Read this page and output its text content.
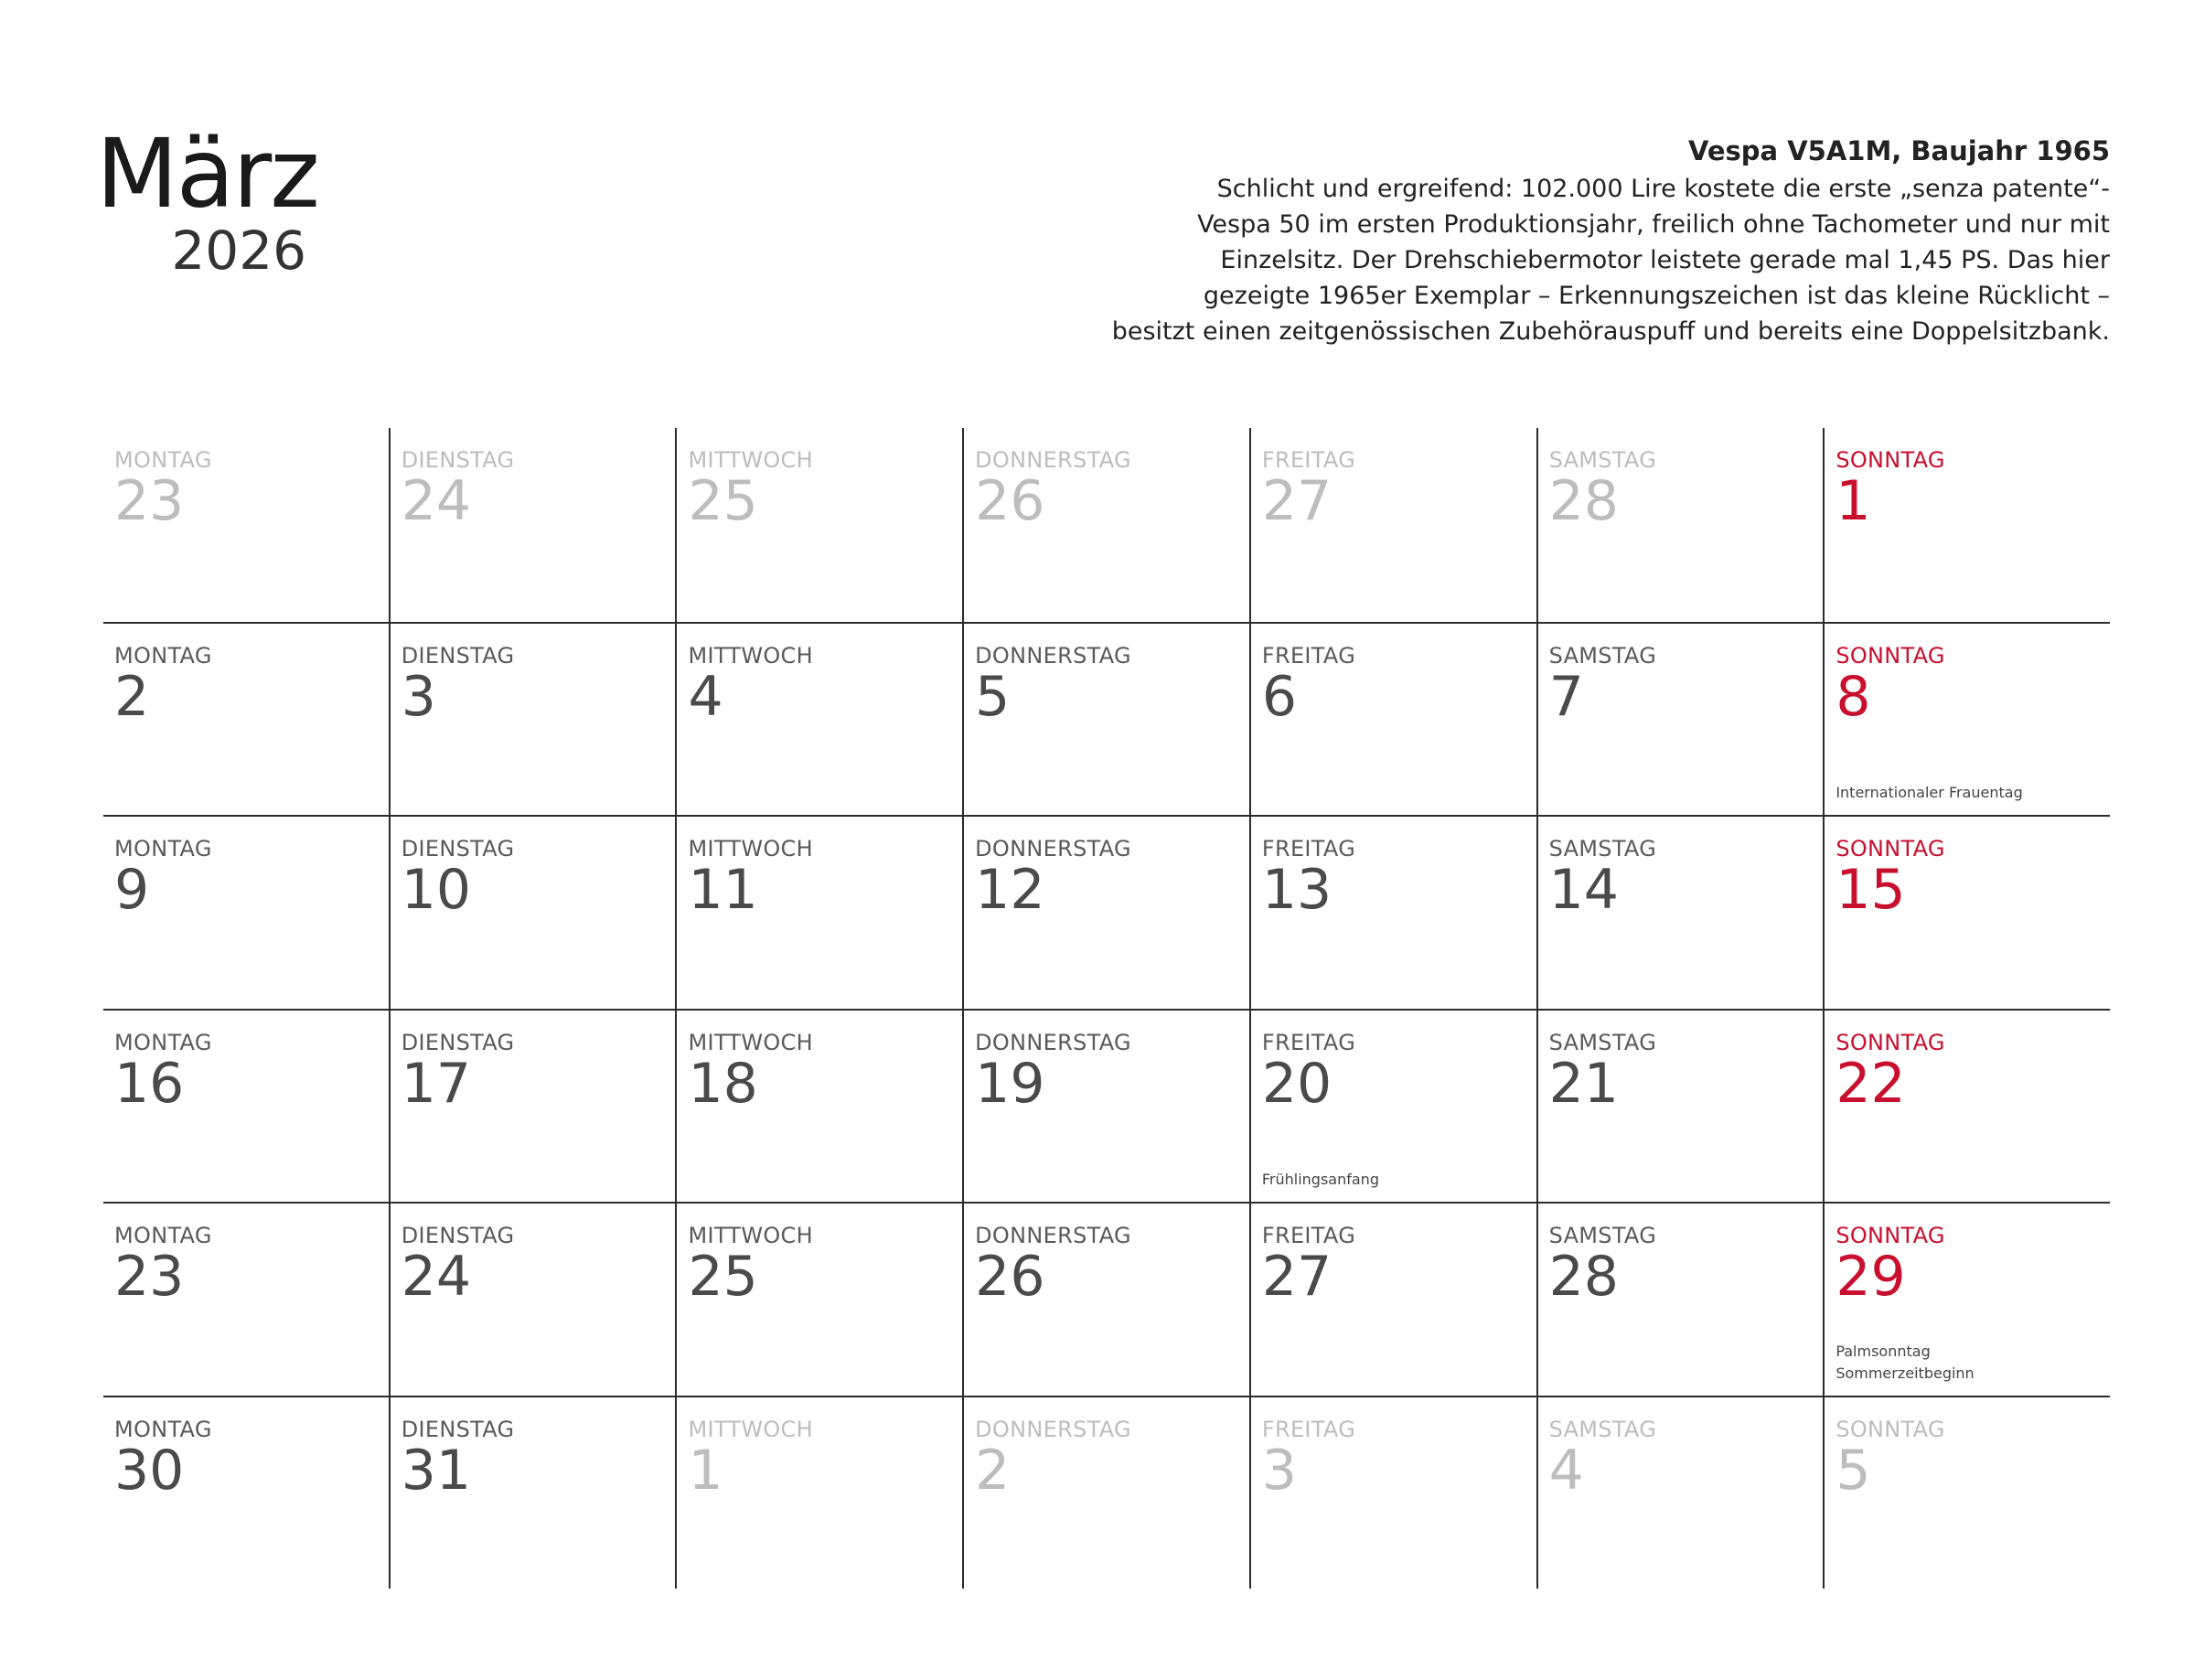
März
2026
Vespa V5A1M, Baujahr 1965
Schlicht und ergreifend: 102.000 Lire kostete die erste „senza patente“-
Vespa 50 im ersten Produktionsjahr, freilich ohne Tachometer und nur mit
Einzelsitz. Der Drehschiebermotor leistete gerade mal 1,45 PS. Das hier
gezeigte 1965er Exemplar – Erkennungszeichen ist das kleine Rücklicht –
besitzt einen zeitgenössischen Zubehörauspuff und bereits eine Doppelsitzbank.
MONTAG
23
DIENSTAG
24
MITTWOCH
25
DONNERSTAG
26
FREITAG
27
SAMSTAG
28
SONNTAG
1
MONTAG
2
DIENSTAG
3
MITTWOCH
4
DONNERSTAG
5
FREITAG
6
SAMSTAG
7
SONNTAG
8
Internationaler Frauentag
MONTAG
9
DIENSTAG
10
MITTWOCH
11
DONNERSTAG
12
FREITAG
13
SAMSTAG
14
SONNTAG
15
MONTAG
16
DIENSTAG
17
MITTWOCH
18
DONNERSTAG
19
FREITAG
20
Frühlingsanfang
SAMSTAG
21
SONNTAG
22
MONTAG
23
DIENSTAG
24
MITTWOCH
25
DONNERSTAG
26
FREITAG
27
SAMSTAG
28
SONNTAG
29
Palmsonntag
Sommerzeitbeginn
MONTAG
30
DIENSTAG
31
MITTWOCH
1
DONNERSTAG
2
FREITAG
3
SAMSTAG
4
SONNTAG
5
